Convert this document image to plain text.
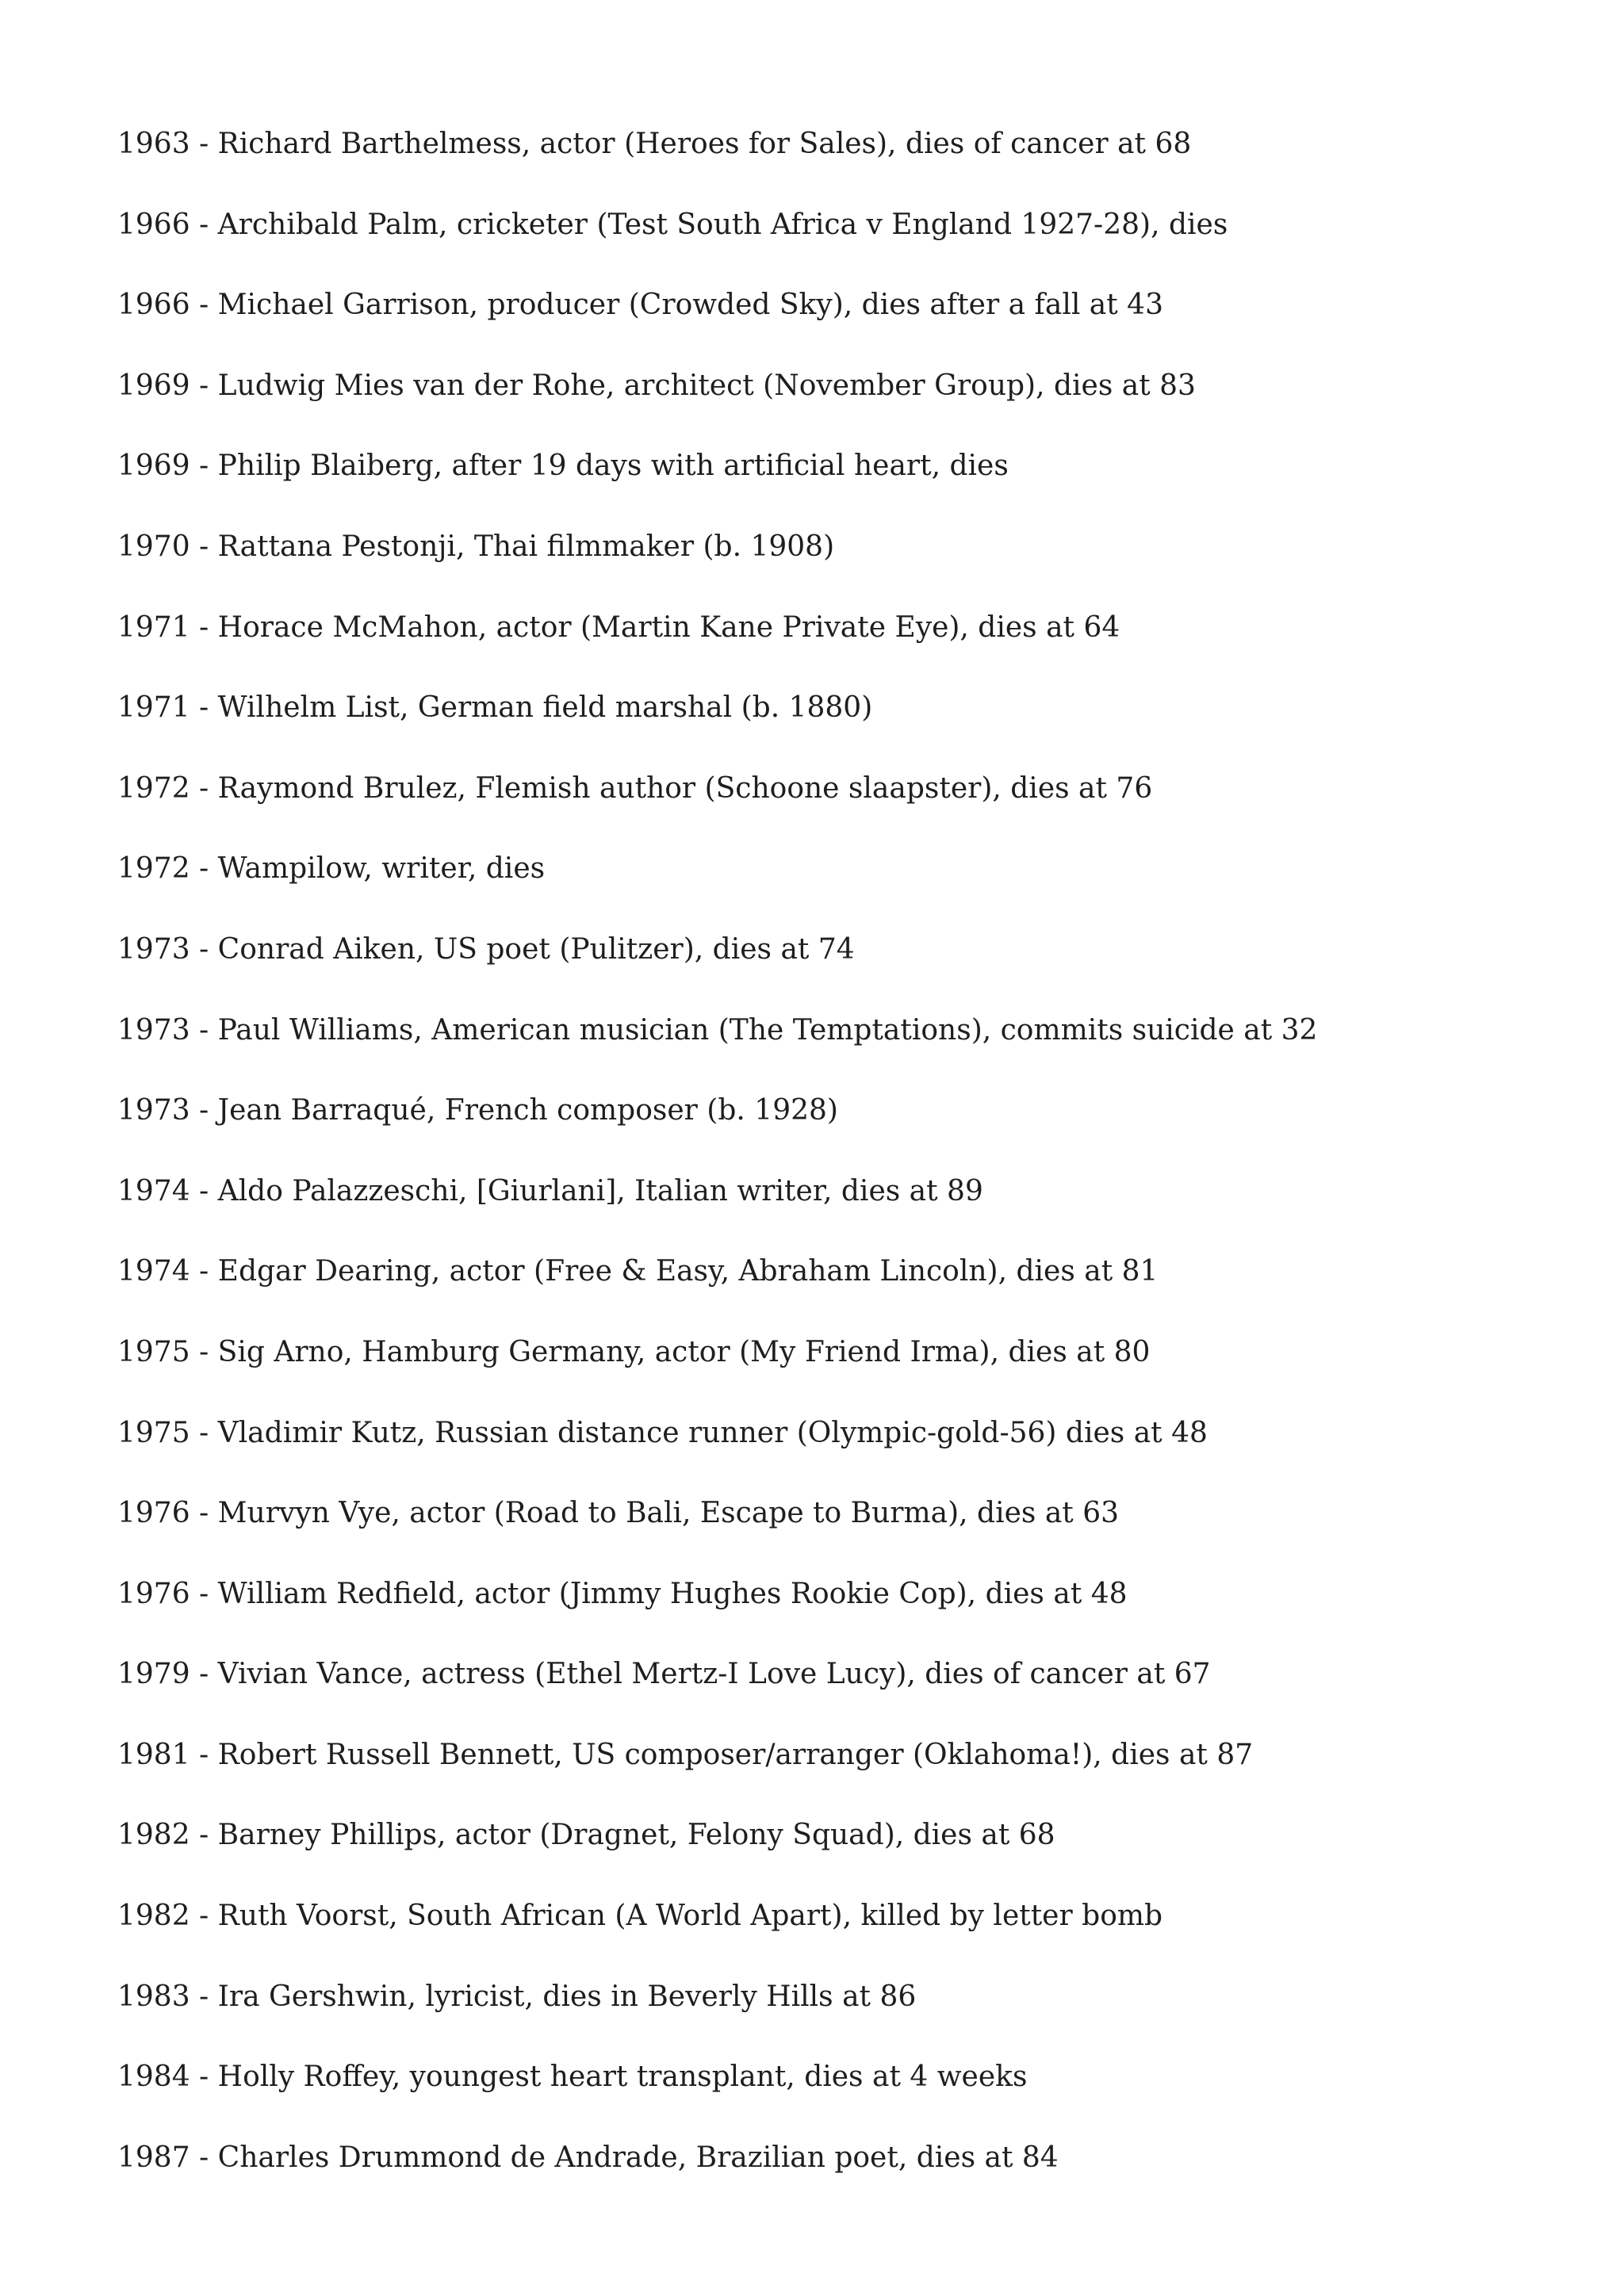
1963 - Richard Barthelmess, actor (Heroes for Sales), dies of cancer at 68
1966 - Archibald Palm, cricketer (Test South Africa v England 1927-28), dies
1966 - Michael Garrison, producer (Crowded Sky), dies after a fall at 43
1969 - Ludwig Mies van der Rohe, architect (November Group), dies at 83
1969 - Philip Blaiberg, after 19 days with artificial heart, dies
1970 - Rattana Pestonji, Thai filmmaker (b. 1908)
1971 - Horace McMahon, actor (Martin Kane Private Eye), dies at 64
1971 - Wilhelm List, German field marshal (b. 1880)
1972 - Raymond Brulez, Flemish author (Schoone slaapster), dies at 76
1972 - Wampilow, writer, dies
1973 - Conrad Aiken, US poet (Pulitzer), dies at 74
1973 - Paul Williams, American musician (The Temptations), commits suicide at 32
1973 - Jean Barraqué, French composer (b. 1928)
1974 - Aldo Palazzeschi, [Giurlani], Italian writer, dies at 89
1974 - Edgar Dearing, actor (Free & Easy, Abraham Lincoln), dies at 81
1975 - Sig Arno, Hamburg Germany, actor (My Friend Irma), dies at 80
1975 - Vladimir Kutz, Russian distance runner (Olympic-gold-56) dies at 48
1976 - Murvyn Vye, actor (Road to Bali, Escape to Burma), dies at 63
1976 - William Redfield, actor (Jimmy Hughes Rookie Cop), dies at 48
1979 - Vivian Vance, actress (Ethel Mertz-I Love Lucy), dies of cancer at 67
1981 - Robert Russell Bennett, US composer/arranger (Oklahoma!), dies at 87
1982 - Barney Phillips, actor (Dragnet, Felony Squad), dies at 68
1982 - Ruth Voorst, South African (A World Apart), killed by letter bomb
1983 - Ira Gershwin, lyricist, dies in Beverly Hills at 86
1984 - Holly Roffey, youngest heart transplant, dies at 4 weeks
1987 - Charles Drummond de Andrade, Brazilian poet, dies at 84
